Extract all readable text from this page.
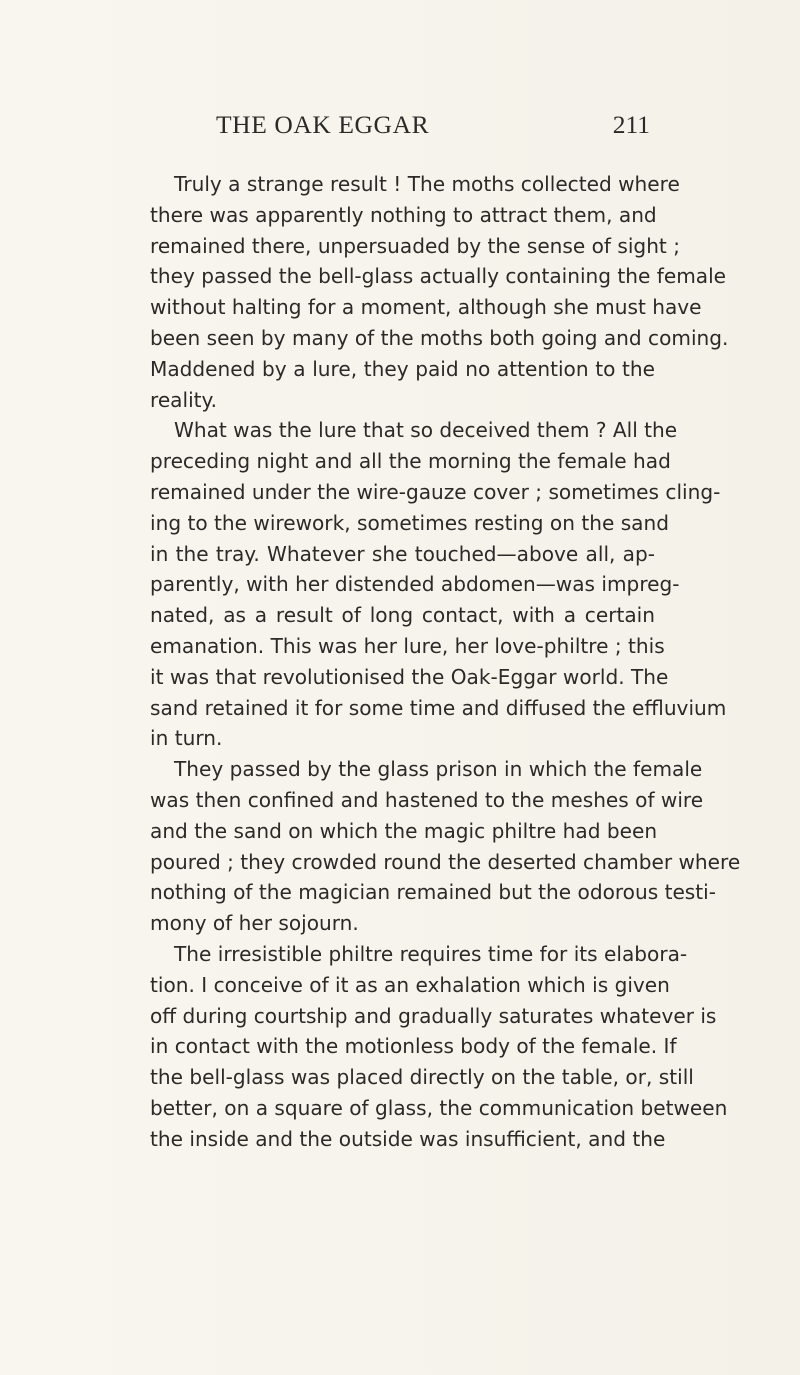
THE OAK EGGAR	211
Truly a strange result ! The moths collected where
there was apparently nothing to attract them, and
remained there, unpersuaded by the sense of sight ;
they passed the bell-glass actually containing the female
without halting for a moment, although she must have
been seen by many of the moths both going and coming.
Maddened by a lure, they paid no attention to the
reality.
What was the lure that so deceived them ? All the
preceding night and all the morning the female had
remained under the wire-gauze cover ; sometimes cling-
ing to the wirework, sometimes resting on the sand
in the tray. Whatever she touched—above all, ap-
parently, with her distended abdomen—was impreg-
nated, as a result of long contact, with a certain
emanation. This was her lure, her love-philtre ; this
it was that revolutionised the Oak-Eggar world. The
sand retained it for some time and diffused the effluvium
in turn.
They passed by the glass prison in which the female
was then confined and hastened to the meshes of wire
and the sand on which the magic philtre had been
poured ; they crowded round the deserted chamber where
nothing of the magician remained but the odorous testi-
mony of her sojourn.
The irresistible philtre requires time for its elabora-
tion. I conceive of it as an exhalation which is given
off during courtship and gradually saturates whatever is
in contact with the motionless body of the female. If
the bell-glass was placed directly on the table, or, still
better, on a square of glass, the communication between
the inside and the outside was insufficient, and the
